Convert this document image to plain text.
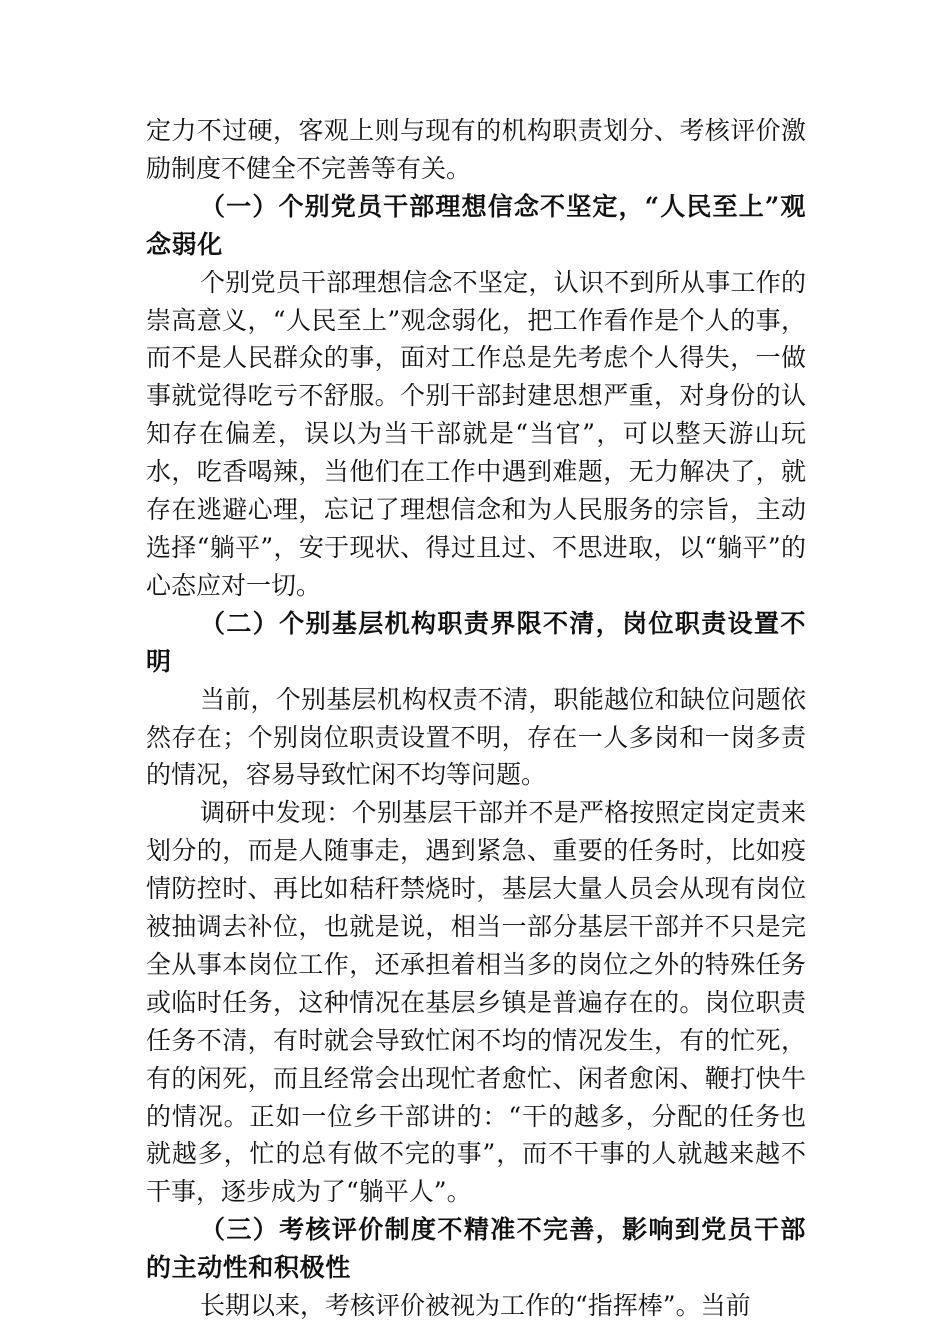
定力不过硬，客观上则与现有的机构职责划分、考核评价激励制度不健全不完善等有关。

（一）个别党员干部理想信念不坚定，“人民至上”观念弱化

个别党员干部理想信念不坚定，认识不到所从事工作的崇高意义，“人民至上”观念弱化，把工作看作是个人的事，而不是人民群众的事，面对工作总是先考虑个人得失，一做事就觉得吃亏不舒服。个别干部封建思想严重，对身份的认知存在偏差，误以为当干部就是“当官”，可以整天游山玩水，吃香喝辣，当他们在工作中遇到难题，无力解决了，就存在逃避心理，忘记了理想信念和为人民服务的宗旨，主动选择“躺平”，安于现状、得过且过、不思进取，以“躺平”的心态应对一切。

（二）个别基层机构职责界限不清，岗位职责设置不明

当前，个别基层机构权责不清，职能越位和缺位问题依然存在；个别岗位职责设置不明，存在一人多岗和一岗多责的情况，容易导致忙闲不均等问题。

调研中发现：个别基层干部并不是严格按照定岗定责来划分的，而是人随事走，遇到紧急、重要的任务时，比如疫情防控时、再比如秸秆禁烧时，基层大量人员会从现有岗位被抽调去补位，也就是说，相当一部分基层干部并不只是完全从事本岗位工作，还承担着相当多的岗位之外的特殊任务或临时任务，这种情况在基层乡镇是普遍存在的。岗位职责任务不清，有时就会导致忙闲不均的情况发生，有的忙死，有的闲死，而且经常会出现忙者愈忙、闲者愈闲、鞭打快牛的情况。正如一位乡干部讲的：“干的越多，分配的任务也就越多，忙的总有做不完的事”，而不干事的人就越来越不干事，逐步成为了“躺平人”。

（三）考核评价制度不精准不完善，影响到党员干部的主动性和积极性

长期以来，考核评价被视为工作的“指挥棒”。当前
